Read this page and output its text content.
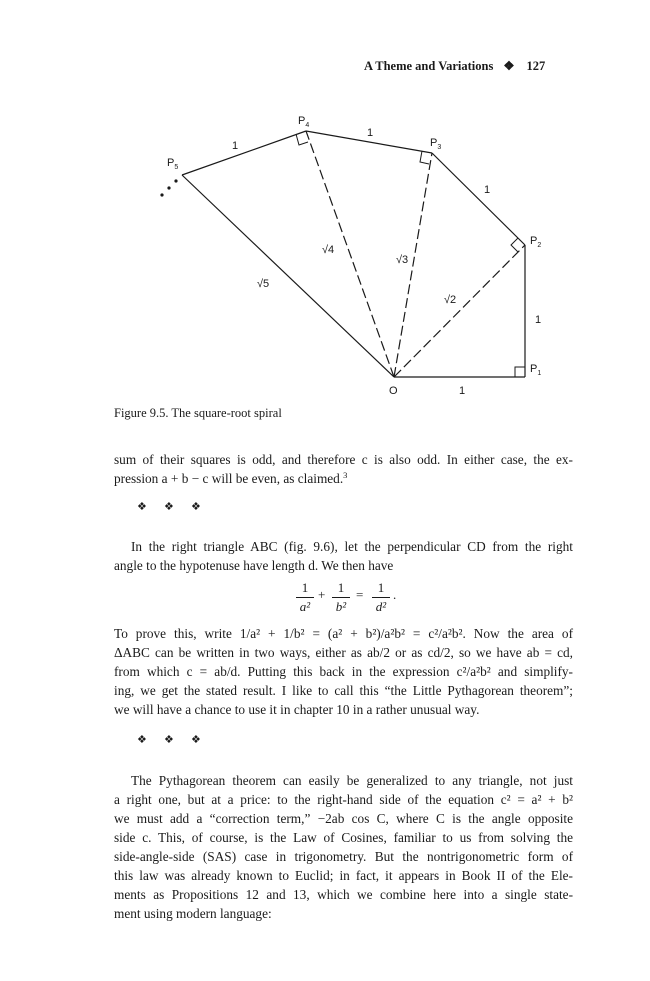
A Theme and Variations ❖ 127
O
$P_1$
$P_2$
$P_3$
$P_4$
$P_5$
1
1
1
1
1
√2
√3
√4
√5
Figure 9.5. The square-root spiral
sum of their squares is odd, and therefore c is also odd. In either case, the ex-
pression a + b − c will be even, as claimed.$^3$
❖ ❖ ❖
In the right triangle ABC (fig. 9.6), let the perpendicular CD from the right
angle to the hypotenuse have length d. We then have
1
a²
+ 1
b²
=	1
d²
.
To prove this, write 1/a² + 1/b² = (a² + b²)/a²b² = c²/a²b². Now the area of
ΔABC can be written in two ways, either as ab/2 or as cd/2, so we have ab = cd,
from which c = ab/d. Putting this back in the expression c²/a²b² and simplify-
ing, we get the stated result. I like to call this “the Little Pythagorean theorem”;
we will have a chance to use it in chapter 10 in a rather unusual way.
❖ ❖ ❖
The Pythagorean theorem can easily be generalized to any triangle, not just
a right one, but at a price: to the right-hand side of the equation c² = a² + b²
we must add a “correction term,” −2ab cos C, where C is the angle opposite
side c. This, of course, is the Law of Cosines, familiar to us from solving the
side-angle-side (SAS) case in trigonometry. But the nontrigonometric form of
this law was already known to Euclid; in fact, it appears in Book II of the Ele-
ments as Propositions 12 and 13, which we combine here into a single state-
ment using modern language:
